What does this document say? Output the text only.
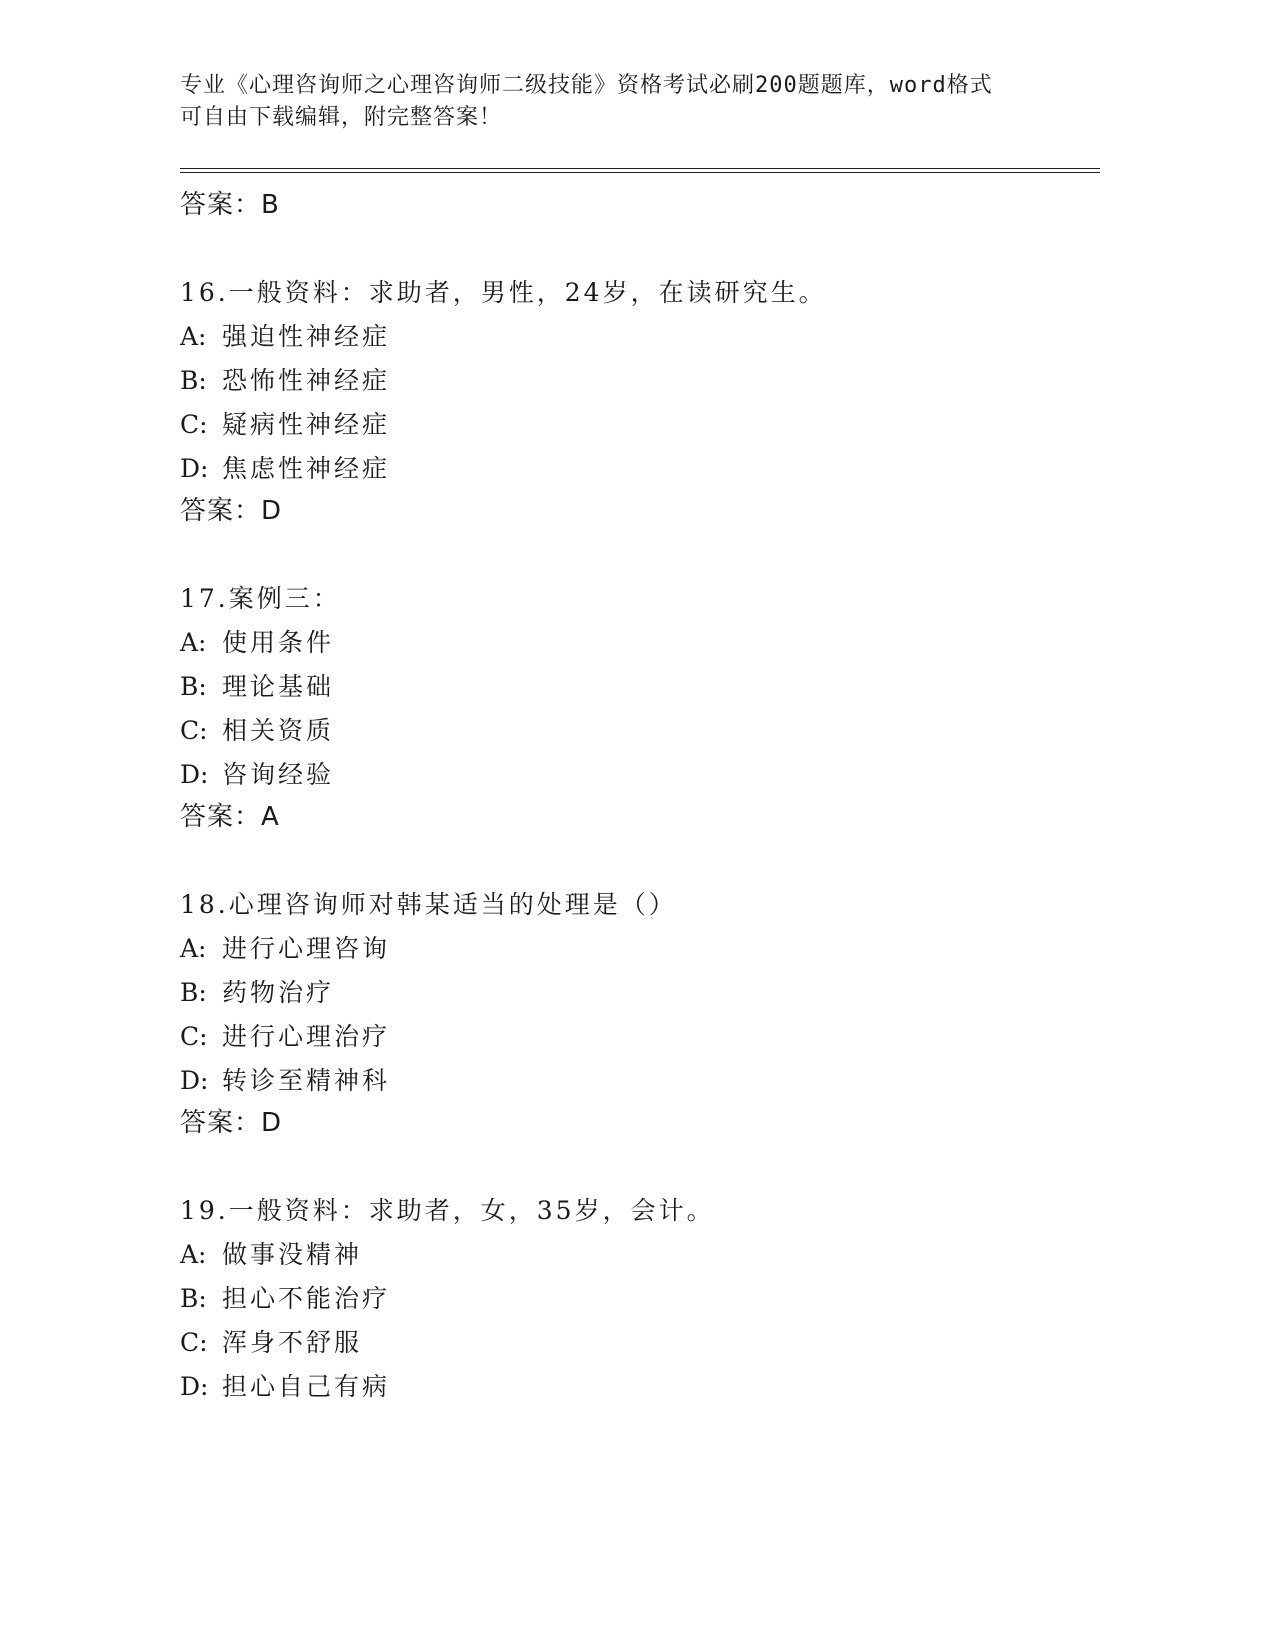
专业《心理咨询师之心理咨询师二级技能》资格考试必刷200题题库，word格式
可自由下载编辑，附完整答案！
答案：B
16.一般资料：求助者，男性，24岁，在读研究生。
A: 强迫性神经症
B: 恐怖性神经症
C: 疑病性神经症
D: 焦虑性神经症
答案：D
17.案例三：
A: 使用条件
B: 理论基础
C: 相关资质
D: 咨询经验
答案：A
18.心理咨询师对韩某适当的处理是（）
A: 进行心理咨询
B: 药物治疗
C: 进行心理治疗
D: 转诊至精神科
答案：D
19.一般资料：求助者，女，35岁，会计。
A: 做事没精神
B: 担心不能治疗
C: 浑身不舒服
D: 担心自己有病
